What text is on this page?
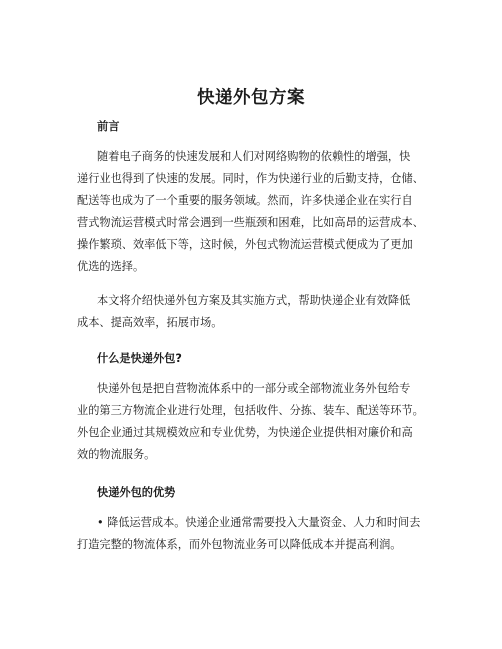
快递外包方案
前言

随着电子商务的快速发展和人们对网络购物的依赖性的增强，快

递行业也得到了快速的发展。同时，作为快递行业的后勤支持，仓储、

配送等也成为了一个重要的服务领域。然而，许多快递企业在实行自

营式物流运营模式时常会遇到一些瓶颈和困难，比如高昂的运营成本、

操作繁琐、效率低下等，这时候，外包式物流运营模式便成为了更加

优选的选择。

本文将介绍快递外包方案及其实施方式，帮助快递企业有效降低

成本、提高效率，拓展市场。

什么是快递外包?

快递外包是把自营物流体系中的一部分或全部物流业务外包给专

业的第三方物流企业进行处理，包括收件、分拣、装车、配送等环节。

外包企业通过其规模效应和专业优势，为快递企业提供相对廉价和高

效的物流服务。

快递外包的优势

• 降低运营成本。快递企业通常需要投入大量资金、人力和时间去

打造完整的物流体系，而外包物流业务可以降低成本并提高利润。
